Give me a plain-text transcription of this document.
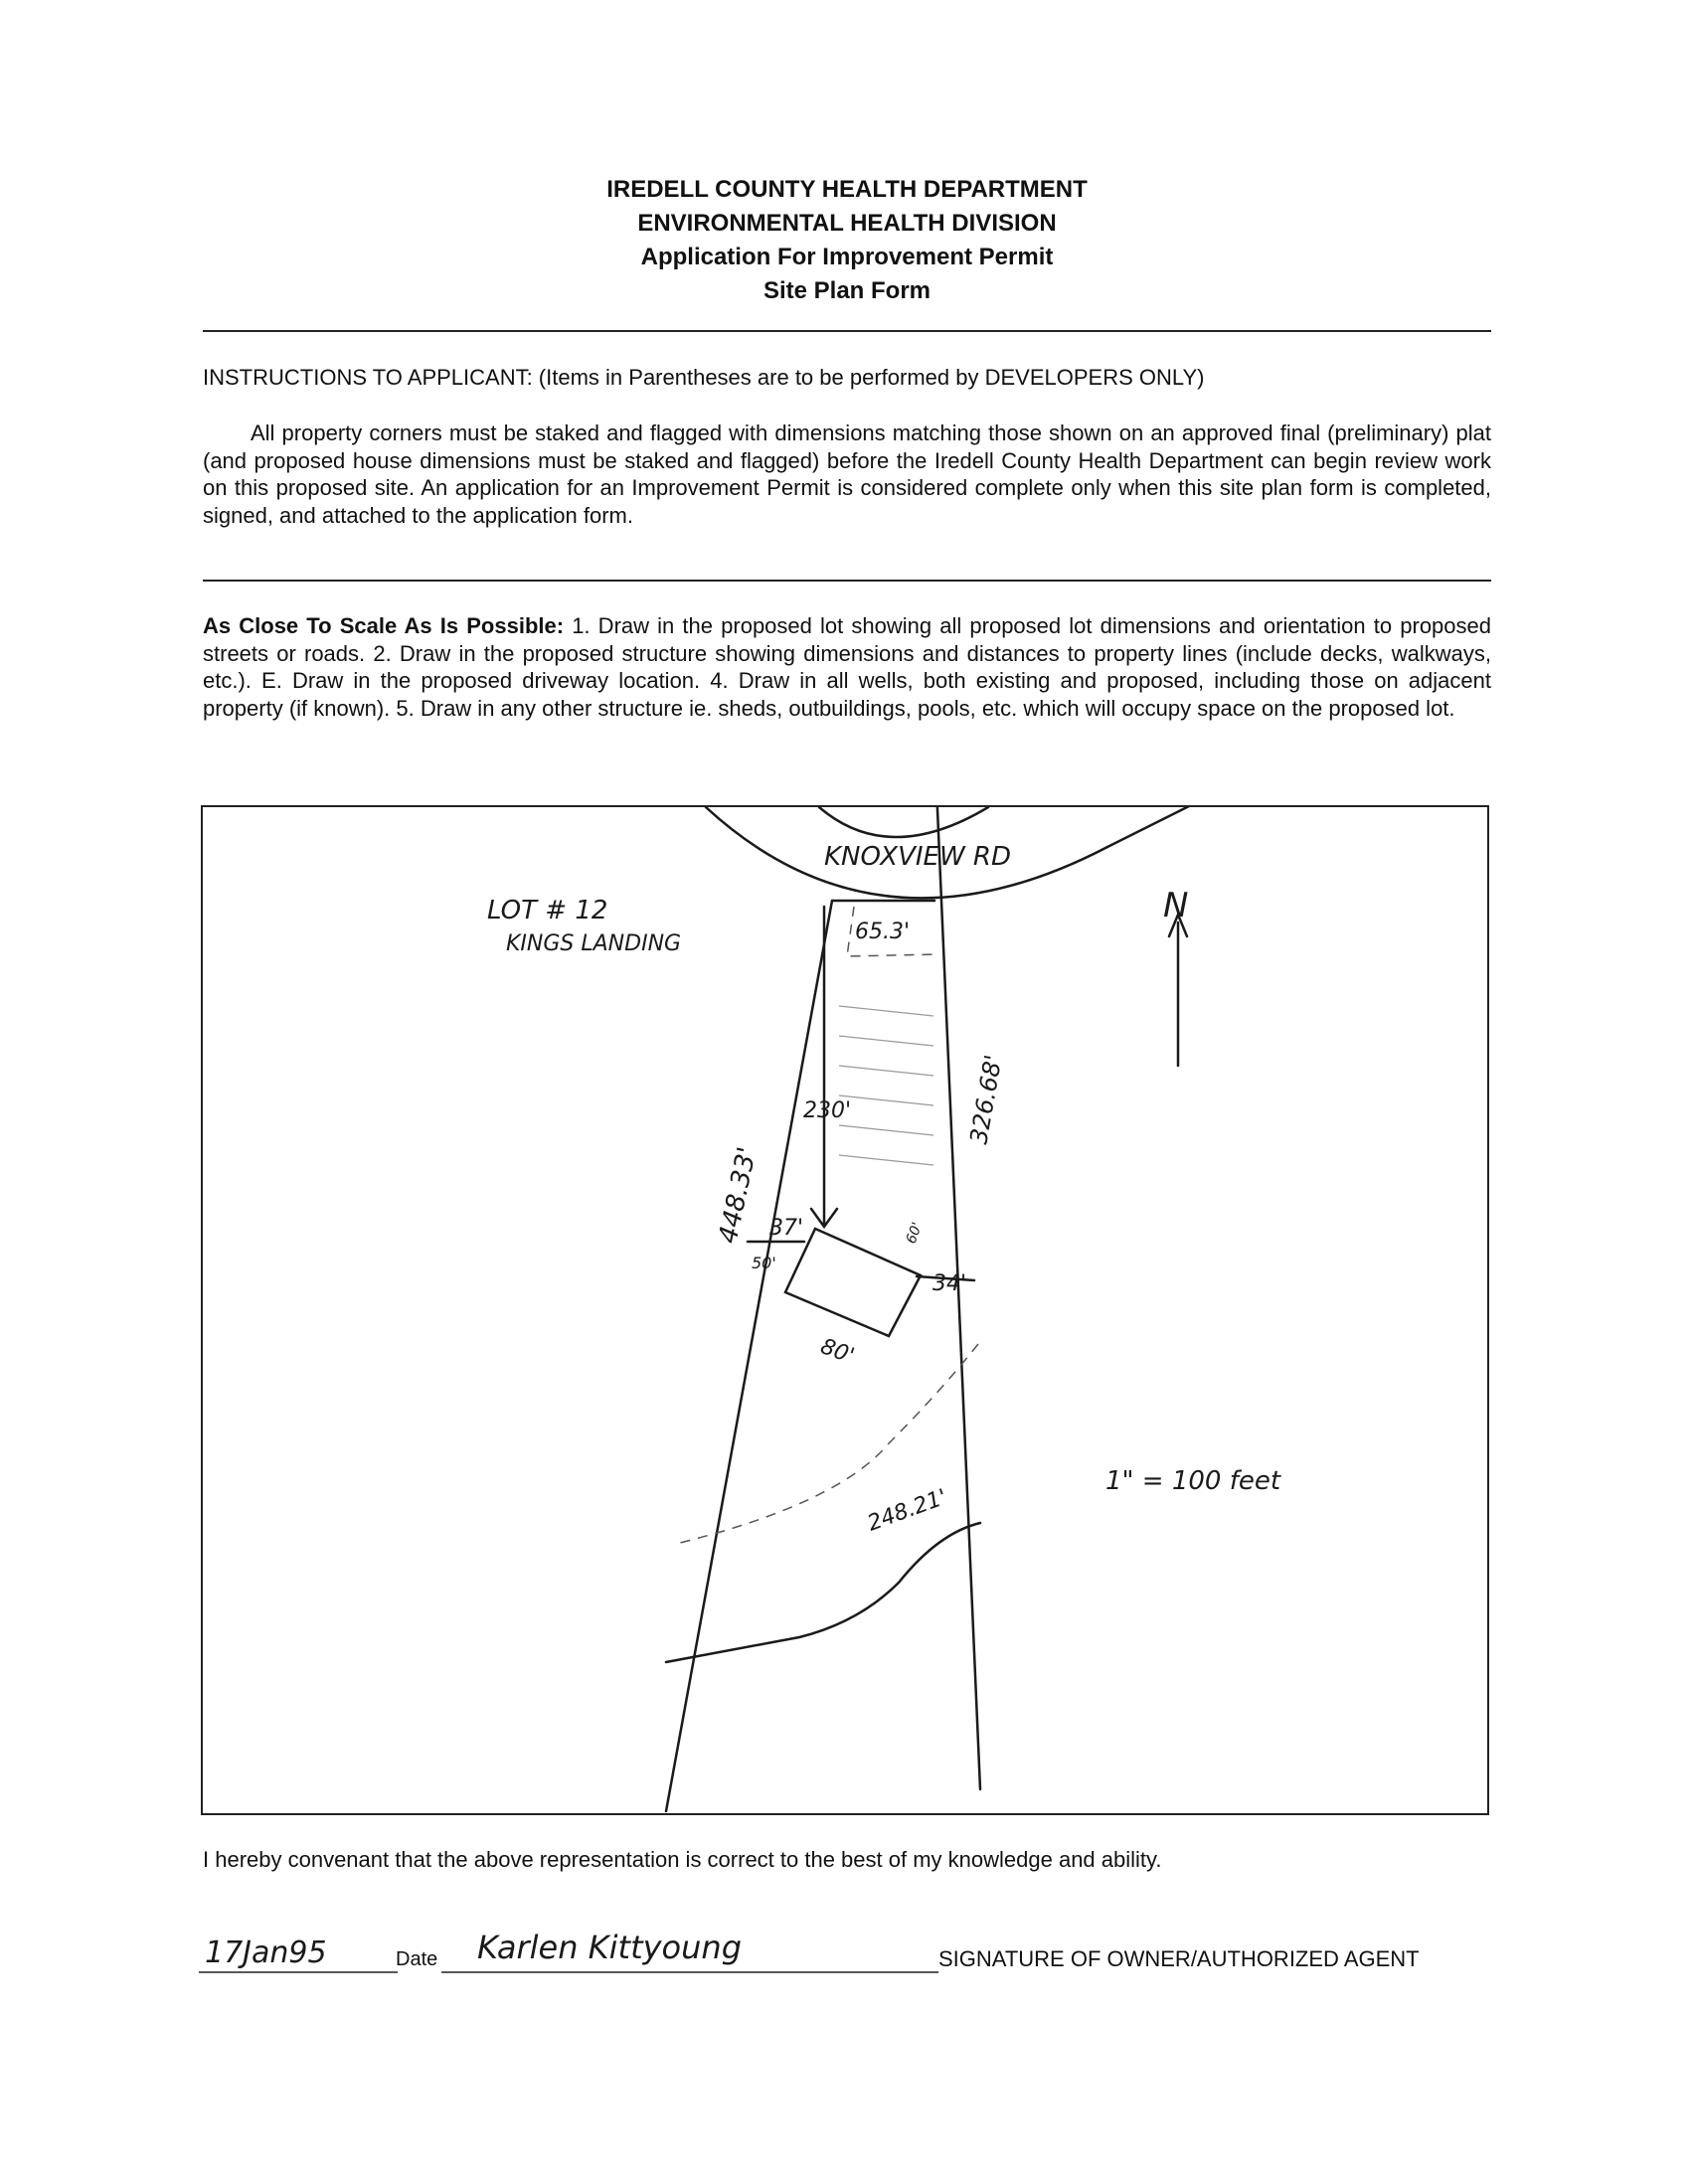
IREDELL COUNTY HEALTH DEPARTMENT
ENVIRONMENTAL HEALTH DIVISION
Application For Improvement Permit
Site Plan Form
INSTRUCTIONS TO APPLICANT: (Items in Parentheses are to be performed by DEVELOPERS ONLY)
All property corners must be staked and flagged with dimensions matching those shown on an approved final (preliminary) plat (and proposed house dimensions must be staked and flagged) before the Iredell County Health Department can begin review work on this proposed site. An application for an Improvement Permit is considered complete only when this site plan form is completed, signed, and attached to the application form.
As Close To Scale As Is Possible: 1. Draw in the proposed lot showing all proposed lot dimensions and orientation to proposed streets or roads. 2. Draw in the proposed structure showing dimensions and distances to property lines (include decks, walkways, etc.). E. Draw in the proposed driveway location. 4. Draw in all wells, both existing and proposed, including those on adjacent property (if known). 5. Draw in any other structure ie. sheds, outbuildings, pools, etc. which will occupy space on the proposed lot.
KNOXVIEW RD
LOT # 12
KINGS LANDING
N
1" = 100 feet
65.3'
230'	326.68'
448.33' 37'
50'
34'
60'
80'
248.21'
I hereby convenant that the above representation is correct to the best of my knowledge and ability.
17Jan95	Karlen Kittyoung
Date	SIGNATURE OF OWNER/AUTHORIZED AGENT
